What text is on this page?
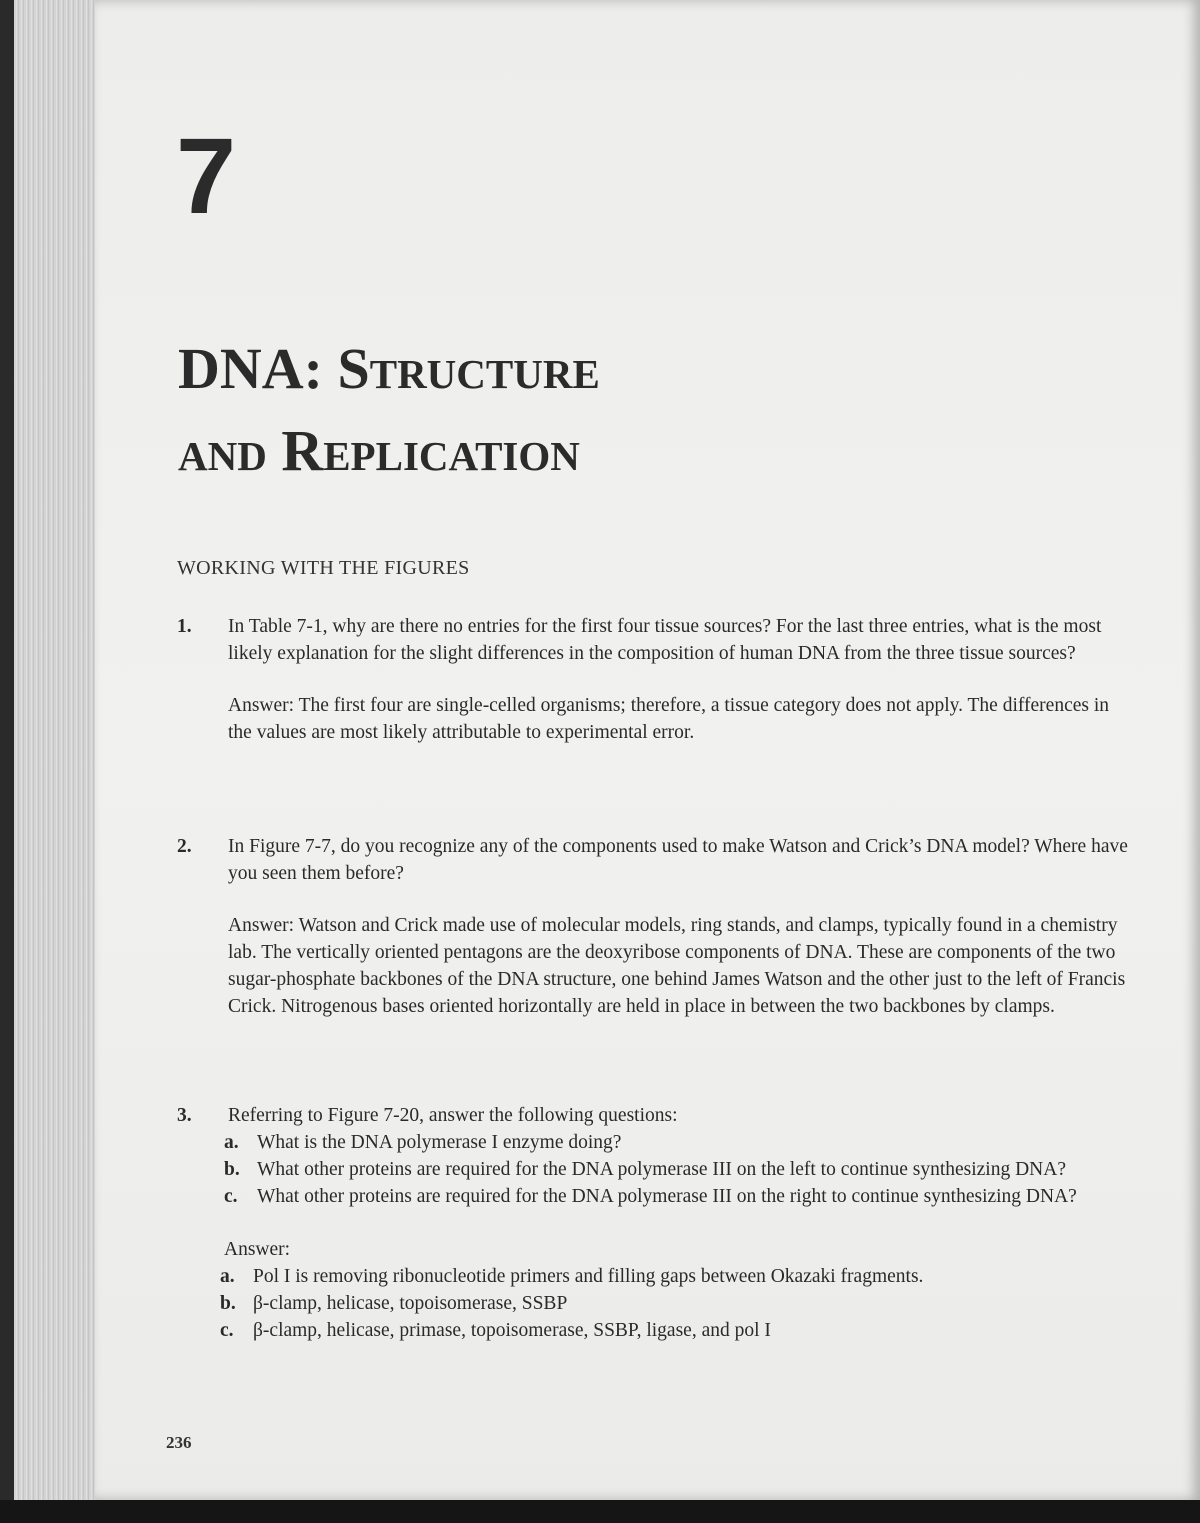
7
DNA: Structure
and Replication
WORKING WITH THE FIGURES
1. In Table 7-1, why are there no entries for the first four tissue sources? For the last three entries, what is the most likely explanation for the slight differences in the composition of human DNA from the three tissue sources?
Answer: The first four are single-celled organisms; therefore, a tissue category does not apply. The differences in the values are most likely attributable to experimental error.
2. In Figure 7-7, do you recognize any of the components used to make Watson and Crick’s DNA model? Where have you seen them before?
Answer: Watson and Crick made use of molecular models, ring stands, and clamps, typically found in a chemistry lab. The vertically oriented pentagons are the deoxyribose components of DNA. These are components of the two sugar-phosphate backbones of the DNA structure, one behind James Watson and the other just to the left of Francis Crick. Nitrogenous bases oriented horizontally are held in place in between the two backbones by clamps.
3. Referring to Figure 7-20, answer the following questions:
a. What is the DNA polymerase I enzyme doing?
b. What other proteins are required for the DNA polymerase III on the left to continue synthesizing DNA?
c. What other proteins are required for the DNA polymerase III on the right to continue synthesizing DNA?
Answer:
a. Pol I is removing ribonucleotide primers and filling gaps between Okazaki fragments.
b. β-clamp, helicase, topoisomerase, SSBP
c. β-clamp, helicase, primase, topoisomerase, SSBP, ligase, and pol I
236
